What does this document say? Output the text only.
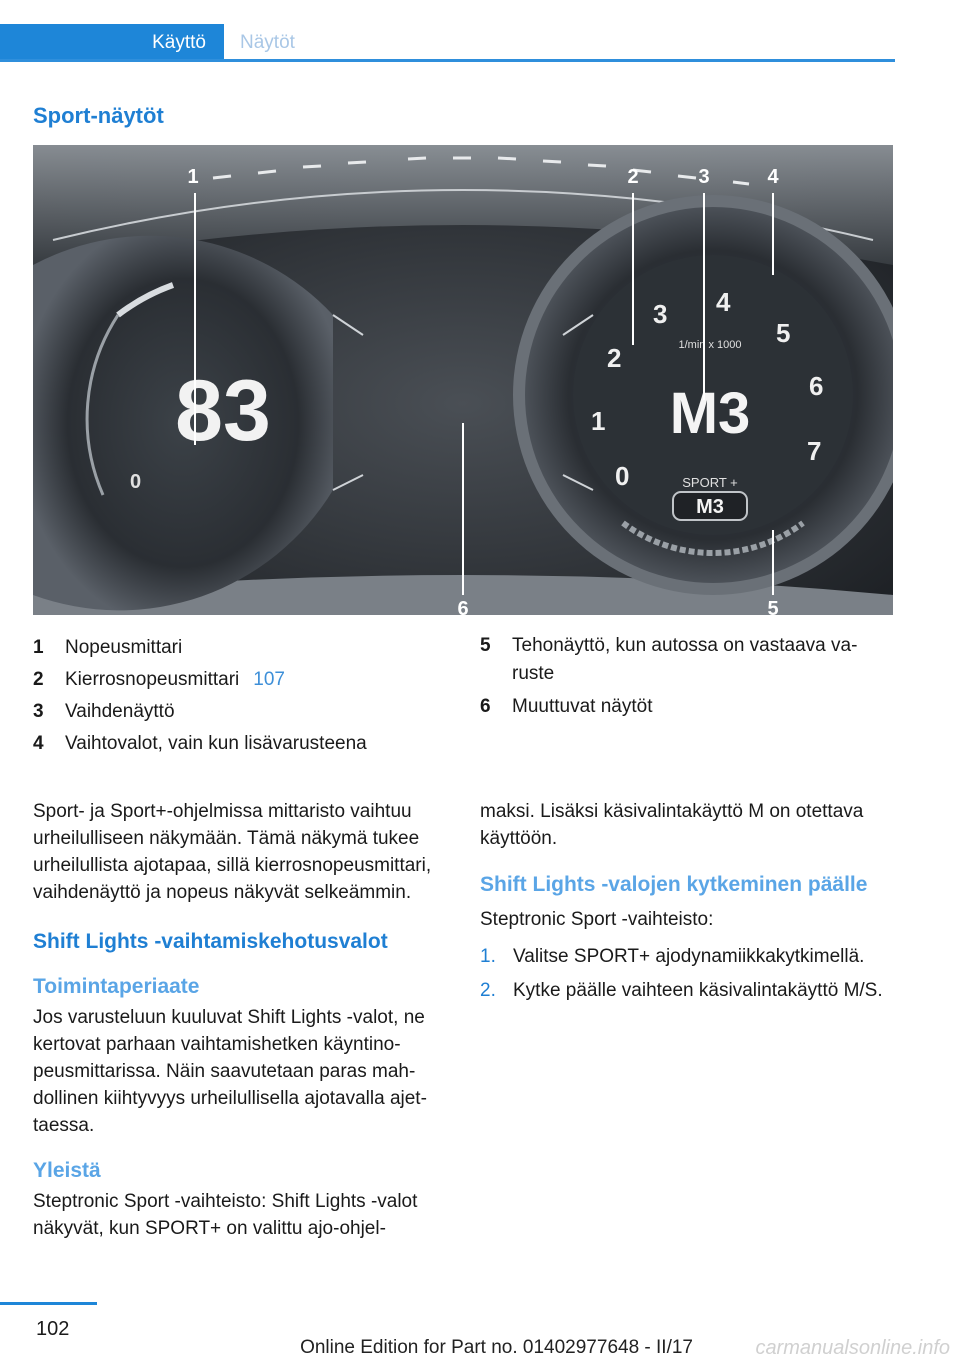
Käyttö	Näytöt
Sport-näytöt
83
0	0
1
2
3 4
5
6
7
1/min x 1000
M3
SPORT +
M3
1	2	3	4
5
6
1 Nopeusmittari
2 Kierrosnopeusmittari 107
3 Vaihdenäyttö
4 Vaihtovalot, vain kun lisävarusteena
5 Tehonäyttö, kun autossa on vastaava varuste
6 Muuttuvat näytöt

Sport- ja Sport+-ohjelmissa mittaristo vaihtuu urheilulliseen näkymään. Tämä näkymä tukee urheilullista ajotapaa, sillä kierrosnopeusmittari, vaihdenäyttö ja nopeus näkyvät selkeämmin.

Shift Lights -vaihtamiskehotusvalot
Toimintaperiaate

Jos varusteluun kuuluvat Shift Lights -valot, ne kertovat parhaan vaihtamishetken käyntinopeusmittarissa. Näin saavutetaan paras mahdollinen kiihtyvyys urheilullisella ajotavalla ajettaessa.

Yleistä

Steptronic Sport -vaihteisto: Shift Lights -valot näkyvät, kun SPORT+ on valittu ajo-ohjel-

maksi. Lisäksi käsivalintakäyttö M on otettava käyttöön.

Shift Lights -valojen kytkeminen päälle

Steptronic Sport -vaihteisto:

1. Valitse SPORT+ ajodynamiikkakytkimellä.
2. Kytke päälle vaihteen käsivalintakäyttö M/S.
102
Online Edition for Part no. 01402977648 - II/17	carmanualsonline.info
